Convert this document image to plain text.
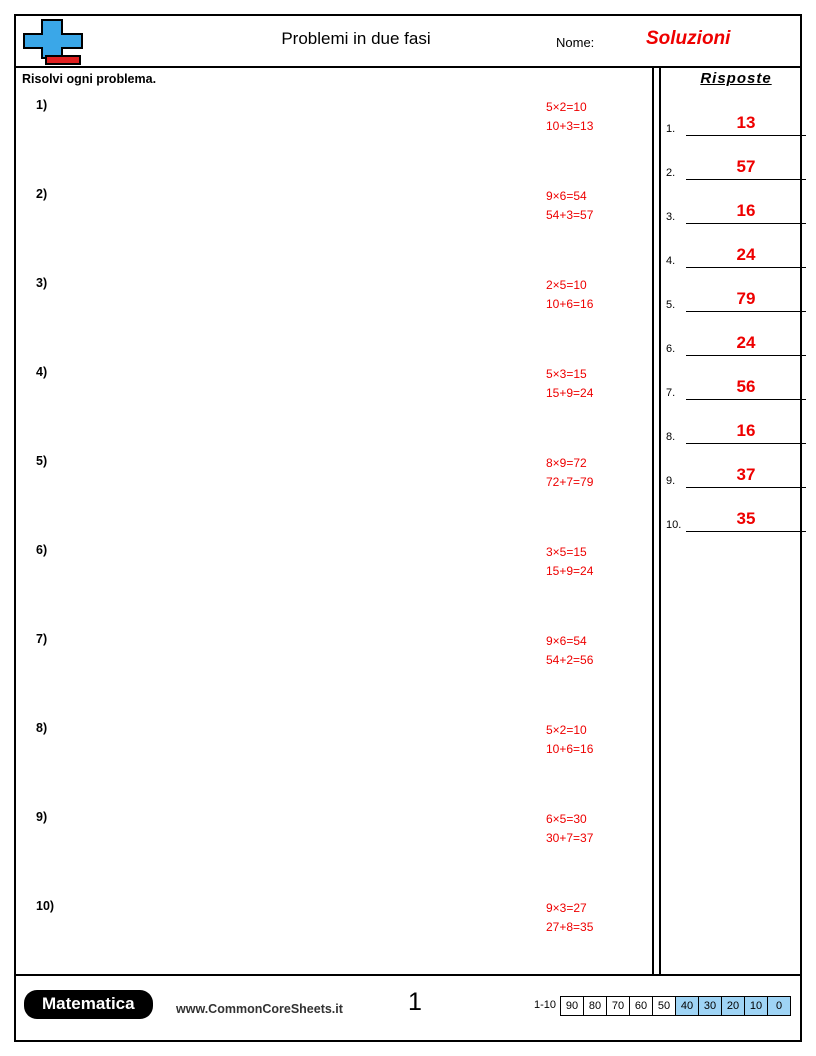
Problemi in due fasi	Nome:	Soluzioni
Risolvi ogni problema.	Risposte
1.	13
2.	57
3.	16
4.	24
5.	79
6.	24
7.	56
8.	16
9.	37
10.	35
1)	5×2=10
10+3=13
2)	9×6=54
54+3=57
3)	2×5=10
10+6=16
4)	5×3=15
15+9=24
5)	8×9=72
72+7=79
6)	3×5=15
15+9=24
7)	9×6=54
54+2=56
8)	5×2=10
10+6=16
9)	6×5=30
30+7=37
10)	9×3=27
27+8=35
Matematica	www.CommonCoreSheets.it	1	1-10 90 80 70 60 50 40 30 20 10	0
